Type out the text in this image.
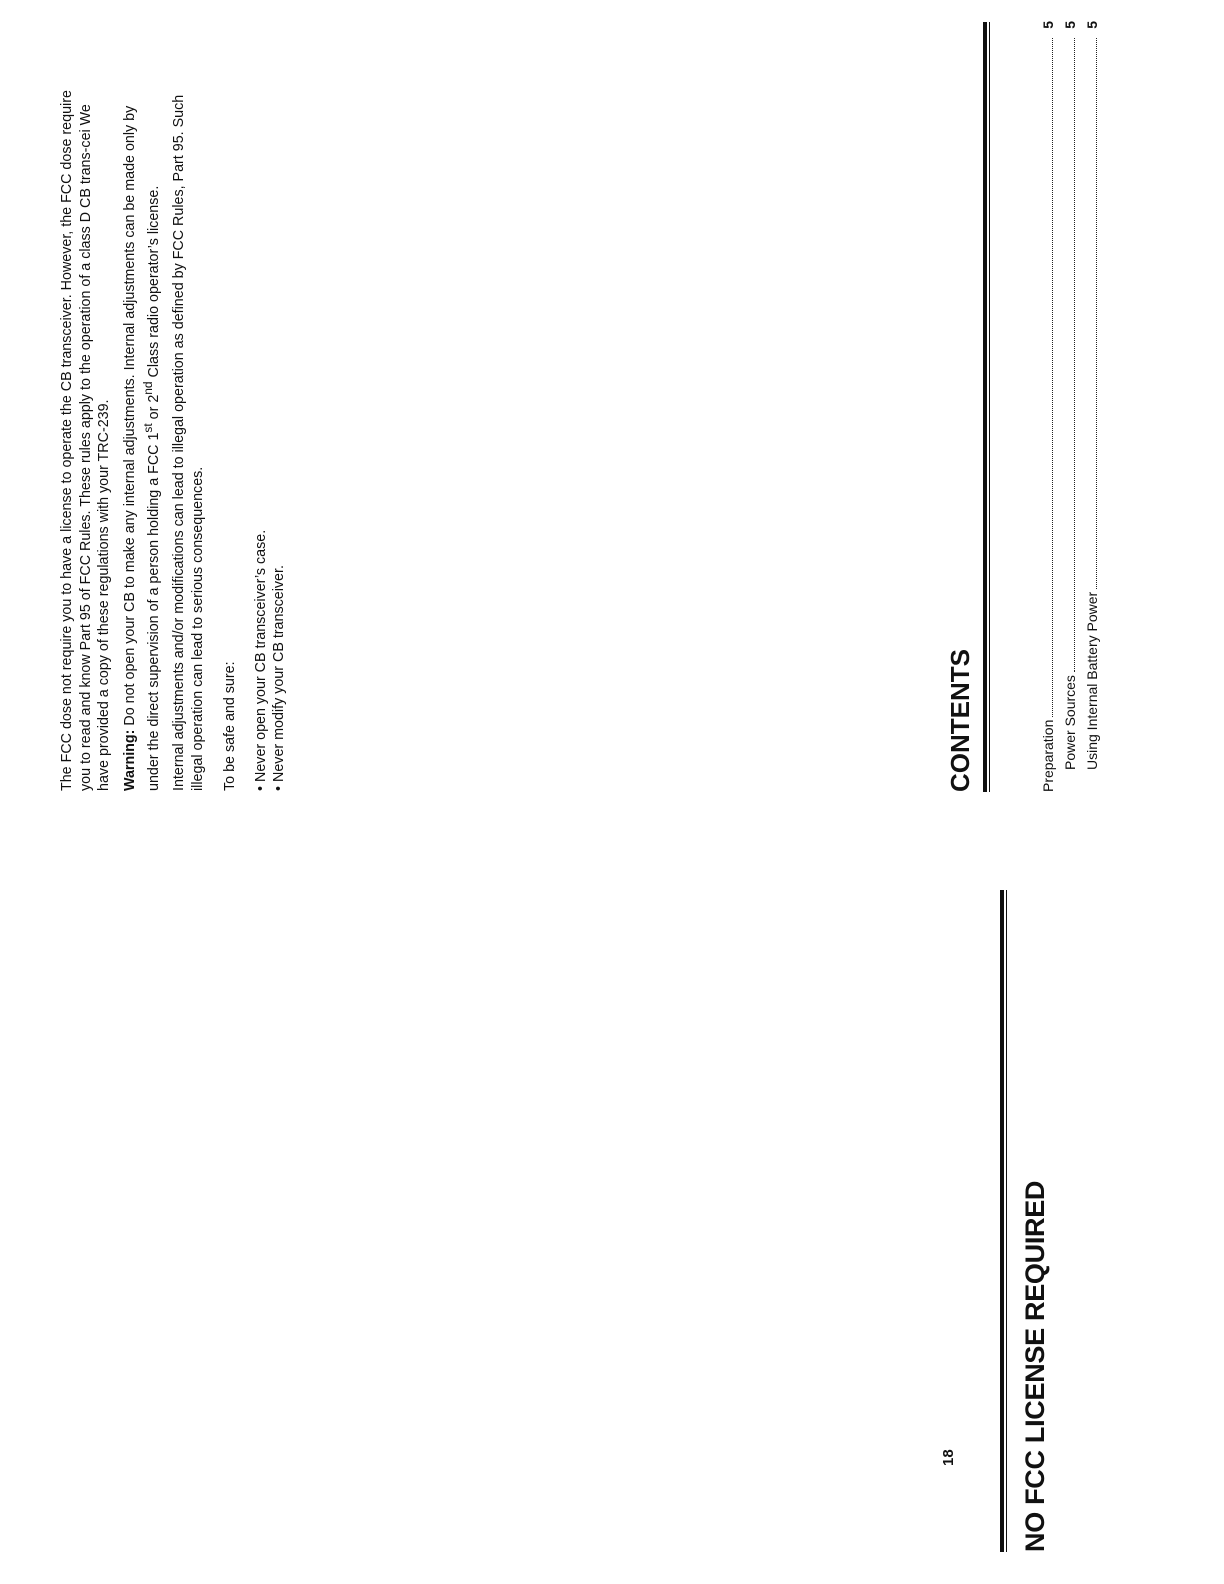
18 NO FCC LICENSE REQUIRED

The FCC dose not require you to have a license to operate the CB transceiver. However, the FCC dose require you to read and know Part 95 of FCC Rules. These rules apply to the operation of a class D CB trans-cei We have provided a copy of these regulations with your TRC-239. Warning: Do not open your CB to make any internal adjustments. Internal adjustments can be made only by under the direct supervision of a person holding a FCC 1st or 2nd Class radio operator’s license. Internal adjustments and/or modifications can lead to illegal operation as defined by FCC Rules, Part 95. Such illegal operation can lead to serious consequences. To be safe and sure: • Never open your CB transceiver’s case. • Never modify your CB transceiver.	CONTENTS	Preparation
5
Power Sources
5
Using Internal Battery Power
5
